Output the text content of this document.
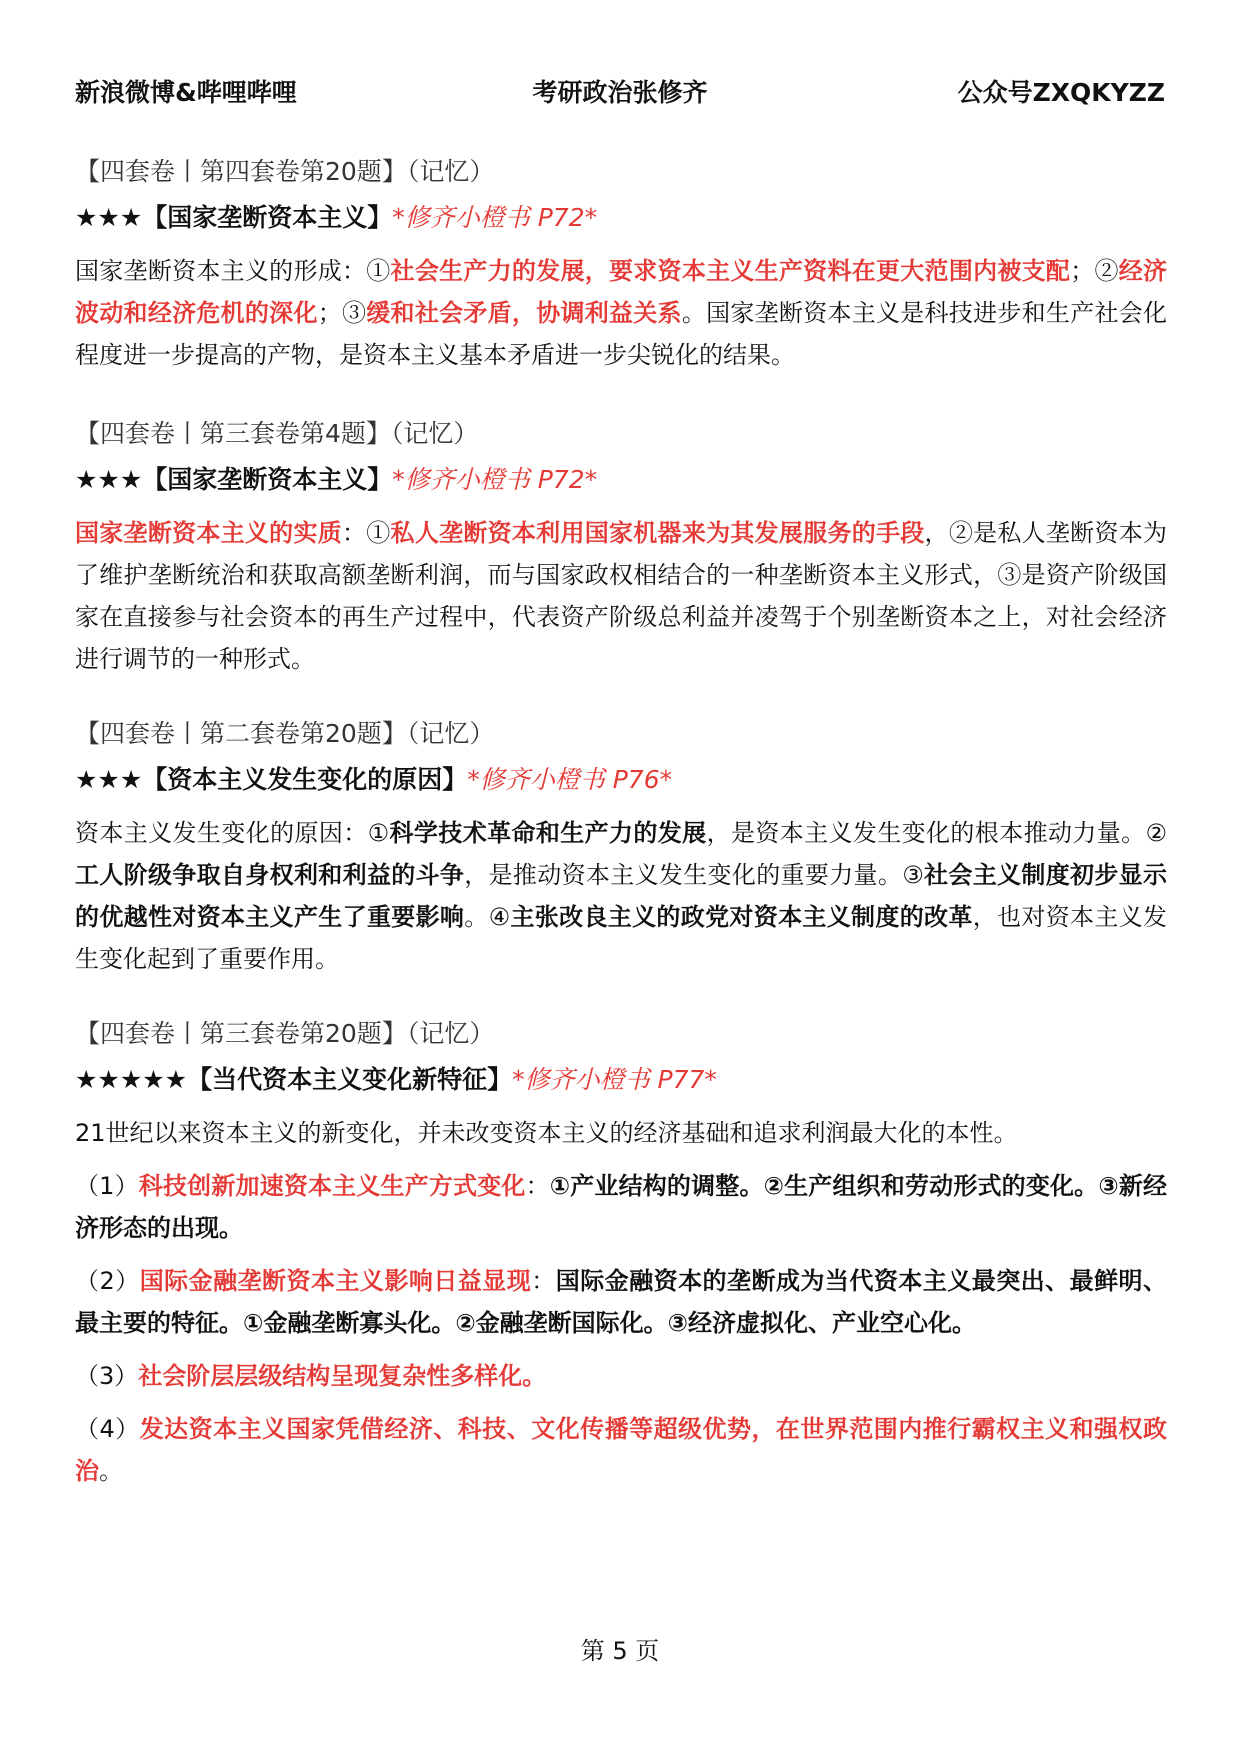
新浪微博&哔哩哔哩	考研政治张修齐	公众号ZXQKYZZ
【四套卷丨第四套卷第20题】（记忆）
★★★【国家垄断资本主义】*修齐小橙书 P72*
国家垄断资本主义的形成：①社会生产力的发展，要求资本主义生产资料在更大范围内被支配；②经济波动和经济危机的深化；③缓和社会矛盾，协调利益关系。国家垄断资本主义是科技进步和生产社会化程度进一步提高的产物，是资本主义基本矛盾进一步尖锐化的结果。
【四套卷丨第三套卷第4题】（记忆）
★★★【国家垄断资本主义】*修齐小橙书 P72*
国家垄断资本主义的实质：①私人垄断资本利用国家机器来为其发展服务的手段，②是私人垄断资本为了维护垄断统治和获取高额垄断利润，而与国家政权相结合的一种垄断资本主义形式，③是资产阶级国家在直接参与社会资本的再生产过程中，代表资产阶级总利益并凌驾于个别垄断资本之上，对社会经济进行调节的一种形式。
【四套卷丨第二套卷第20题】（记忆）
★★★【资本主义发生变化的原因】*修齐小橙书 P76*
资本主义发生变化的原因：①科学技术革命和生产力的发展，是资本主义发生变化的根本推动力量。②工人阶级争取自身权利和利益的斗争，是推动资本主义发生变化的重要力量。③社会主义制度初步显示的优越性对资本主义产生了重要影响。④主张改良主义的政党对资本主义制度的改革，也对资本主义发生变化起到了重要作用。
【四套卷丨第三套卷第20题】（记忆）
★★★★★【当代资本主义变化新特征】*修齐小橙书 P77*
21世纪以来资本主义的新变化，并未改变资本主义的经济基础和追求利润最大化的本性。
（1）科技创新加速资本主义生产方式变化：①产业结构的调整。②生产组织和劳动形式的变化。③新经济形态的出现。
（2）国际金融垄断资本主义影响日益显现：国际金融资本的垄断成为当代资本主义最突出、最鲜明、最主要的特征。①金融垄断寡头化。②金融垄断国际化。③经济虚拟化、产业空心化。
（3）社会阶层层级结构呈现复杂性多样化。
（4）发达资本主义国家凭借经济、科技、文化传播等超级优势，在世界范围内推行霸权主义和强权政治。
第 5 页
